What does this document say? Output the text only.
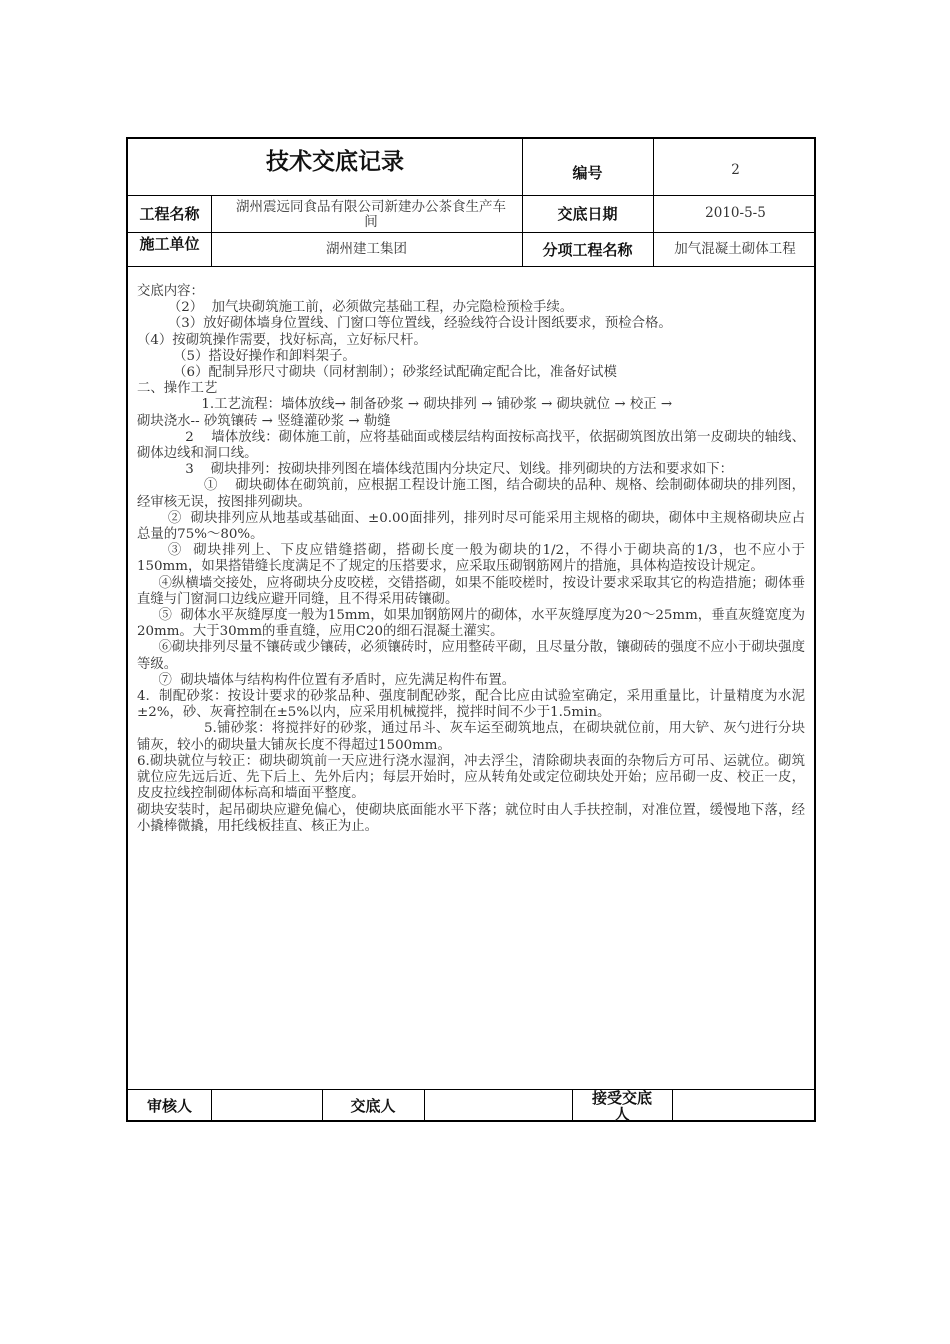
技术交底记录	编号	2
工程名称	湖州震远同食品有限公司新建办公茶食生产车间	交底日期	2010-5-5
施工单位	湖州建工集团	分项工程名称	加气混凝土砌体工程

交底内容：

（2）  加气块砌筑施工前，必须做完基础工程，办完隐检预检手续。

（3）放好砌体墙身位置线、门窗口等位置线，经验线符合设计图纸要求，预检合格。

（4）按砌筑操作需要，找好标高，立好标尺杆。

（5）搭设好操作和卸料架子。

（6）配制异形尺寸砌块（同材割制）；砂浆经试配确定配合比，准备好试模

二、操作工艺

1.工艺流程：墙体放线→ 制备砂浆 → 砌块排列 → 铺砂浆 → 砌块就位 → 校正 →

砌块浇水-- 砂筑镶砖 → 竖缝灌砂浆 → 勒缝

2    墙体放线：砌体施工前，应将基础面或楼层结构面按标高找平，依据砌筑图放出第一皮砌块的轴线、砌体边线和洞口线。

3    砌块排列：按砌块排列图在墙体线范围内分块定尺、划线。排列砌块的方法和要求如下：

①    砌块砌体在砌筑前，应根据工程设计施工图，结合砌块的品种、规格、绘制砌体砌块的排列图，经审核无误，按图排列砌块。

②  砌块排列应从地基或基础面、±0.00面排列，排列时尽可能采用主规格的砌块，砌体中主规格砌块应占总量的75%～80%。

③  砌块排列上、下皮应错缝搭砌，搭砌长度一般为砌块的1/2，不得小于砌块高的1/3，也不应小于150mm，如果搭错缝长度满足不了规定的压搭要求，应采取压砌钢筋网片的措施，具体构造按设计规定。

④纵横墙交接处，应将砌块分皮咬槎，交错搭砌，如果不能咬槎时，按设计要求采取其它的构造措施；砌体垂直缝与门窗洞口边线应避开同缝，且不得采用砖镶砌。

⑤  砌体水平灰缝厚度一般为15mm，如果加钢筋网片的砌体，水平灰缝厚度为20～25mm，垂直灰缝宽度为20mm。大于30mm的垂直缝，应用C20的细石混凝土灌实。

⑥砌块排列尽量不镶砖或少镶砖，必须镶砖时，应用整砖平砌，且尽量分散，镶砌砖的强度不应小于砌块强度等级。

⑦  砌块墙体与结构构件位置有矛盾时，应先满足构件布置。

4.  制配砂浆：按设计要求的砂浆品种、强度制配砂浆，配合比应由试验室确定，采用重量比，计量精度为水泥±2%，砂、灰膏控制在±5%以内，应采用机械搅拌，搅拌时间不少于1.5min。

5.铺砂浆：将搅拌好的砂浆，通过吊斗、灰车运至砌筑地点，在砌块就位前，用大铲、灰勺进行分块铺灰，较小的砌块量大铺灰长度不得超过1500mm。

6.砌块就位与较正：砌块砌筑前一天应进行浇水湿润，冲去浮尘，清除砌块表面的杂物后方可吊、运就位。砌筑就位应先远后近、先下后上、先外后内；每层开始时，应从转角处或定位砌块处开始；应吊砌一皮、校正一皮，皮皮拉线控制砌体标高和墙面平整度。

砌块安装时，起吊砌块应避免偏心，使砌块底面能水平下落；就位时由人手扶控制，对准位置，缓慢地下落，经小撬棒微撬，用托线板挂直、核正为止。

审核人	交底人	接受交底人
